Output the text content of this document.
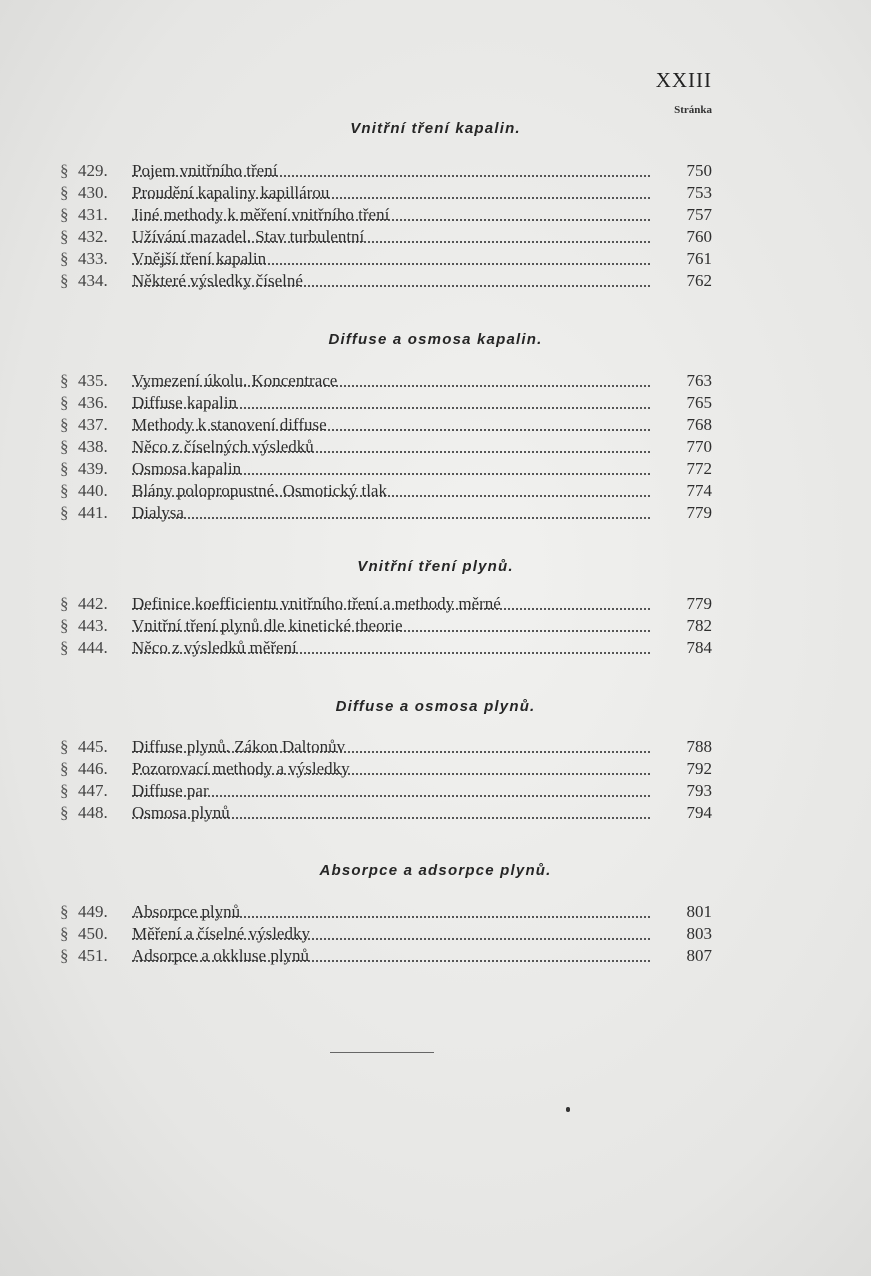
XXIII
Stránka
Vnitřní tření kapalin.
§ 429.	Pojem vnitřního tření	750
§ 430.	Proudění kapaliny kapillárou	753
§ 431.	Jiné methody k měření vnitřního tření	757
§ 432.	Užívání mazadel. Stav turbulentní	760
§ 433.	Vnější tření kapalin	761
§ 434.	Některé výsledky číselné	762
Diffuse a osmosa kapalin.
§ 435.	Vymezení úkolu. Koncentrace	763
§ 436.	Diffuse kapalin	765
§ 437.	Methody k stanovení diffuse	768
§ 438.	Něco z číselných výsledků	770
§ 439.	Osmosa kapalin	772
§ 440.	Blány polopropustné. Osmotický tlak	774
§ 441.	Dialysa	779
Vnitřní tření plynů.
§ 442.	Definice koefficientu vnitřního tření a methody měrné	779
§ 443.	Vnitřní tření plynů dle kinetické theorie	782
§ 444.	Něco z výsledků měření	784
Diffuse a osmosa plynů.
§ 445.	Diffuse plynů. Zákon Daltonův	788
§ 446.	Pozorovací methody a výsledky	792
§ 447.	Diffuse par	793
§ 448.	Osmosa plynů	794
Absorpce a adsorpce plynů.
§ 449.	Absorpce plynů	801
§ 450.	Měření a číselné výsledky	803
§ 451.	Adsorpce a okkluse plynů	807
